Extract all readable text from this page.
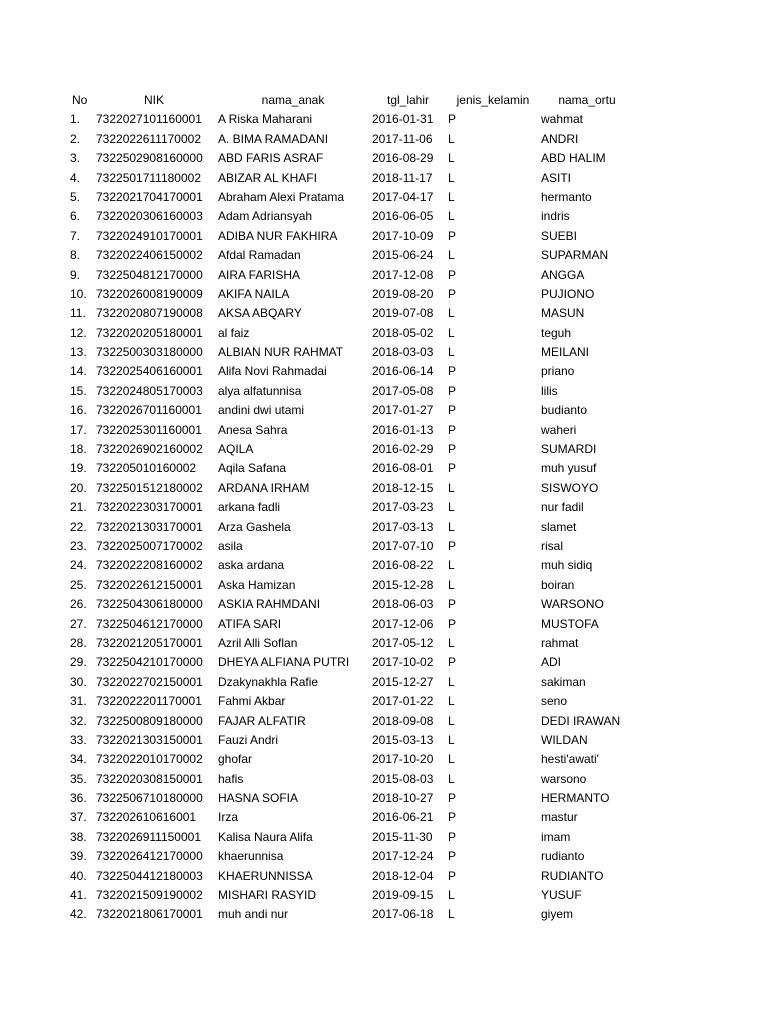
No	NIK	nama_anak	tgl_lahir	jenis_kelamin	nama_ortu
1.	7322027101160001	A Riska Maharani	2016-01-31	P	wahmat
2.	7322022611170002	A. BIMA RAMADANI	2017-11-06	L	ANDRI
3.	7322502908160000	ABD FARIS ASRAF	2016-08-29	L	ABD HALIM
4.	7322501711180002	ABIZAR AL KHAFI	2018-11-17	L	ASITI
5.	7322021704170001	Abraham Alexi Pratama	2017-04-17	L	hermanto
6.	7322020306160003	Adam Adriansyah	2016-06-05	L	indris
7.	7322024910170001	ADIBA NUR FAKHIRA	2017-10-09	P	SUEBI
8.	7322022406150002	Afdal Ramadan	2015-06-24	L	SUPARMAN
9.	7322504812170000	AIRA FARISHA	2017-12-08	P	ANGGA
10. 7322026008190009	AKIFA NAILA	2019-08-20	P	PUJIONO
11. 7322020807190008	AKSA ABQARY	2019-07-08	L	MASUN
12. 7322020205180001	al faiz	2018-05-02	L	teguh
13. 7322500303180000	ALBIAN NUR RAHMAT	2018-03-03	L	MEILANI
14. 7322025406160001	Alifa Novi Rahmadai	2016-06-14	P	priano
15. 7322024805170003	alya alfatunnisa	2017-05-08	P	lilis
16. 7322026701160001	andini dwi utami	2017-01-27	P	budianto
17. 7322025301160001	Anesa Sahra	2016-01-13	P	waheri
18. 7322026902160002	AQILA	2016-02-29	P	SUMARDI
19. 732205010160002	Aqila Safana	2016-08-01	P	muh yusuf
20. 7322501512180002	ARDANA IRHAM	2018-12-15	L	SISWOYO
21. 7322022303170001	arkana fadli	2017-03-23	L	nur fadil
22. 7322021303170001	Arza Gashela	2017-03-13	L	slamet
23. 7322025007170002	asila	2017-07-10	P	risal
24. 7322022208160002	aska ardana	2016-08-22	L	muh sidiq
25. 7322022612150001	Aska Hamizan	2015-12-28	L	boiran
26. 7322504306180000	ASKIA RAHMDANI	2018-06-03	P	WARSONO
27. 7322504612170000	ATIFA SARI	2017-12-06	P	MUSTOFA
28. 7322021205170001	Azril Alli Soflan	2017-05-12	L	rahmat
29. 7322504210170000	DHEYA ALFIANA PUTRI	2017-10-02	P	ADI
30. 7322022702150001	Dzakynakhla Rafie	2015-12-27	L	sakiman
31. 7322022201170001	Fahmi Akbar	2017-01-22	L	seno
32. 7322500809180000	FAJAR ALFATIR	2018-09-08	L	DEDI IRAWAN
33. 7322021303150001	Fauzi Andri	2015-03-13	L	WILDAN
34. 7322022010170002	ghofar	2017-10-20	L	hesti'awati'
35. 7322020308150001	hafis	2015-08-03	L	warsono
36. 7322506710180000	HASNA SOFIA	2018-10-27	P	HERMANTO
37. 732202610616001	Irza	2016-06-21	P	mastur
38. 7322026911150001	Kalisa Naura Alifa	2015-11-30	P	imam
39. 7322026412170000	khaerunnisa	2017-12-24	P	rudianto
40. 7322504412180003	KHAERUNNISSA	2018-12-04	P	RUDIANTO
41. 7322021509190002	MISHARI RASYID	2019-09-15	L	YUSUF
42. 7322021806170001	muh andi nur	2017-06-18	L	giyem
